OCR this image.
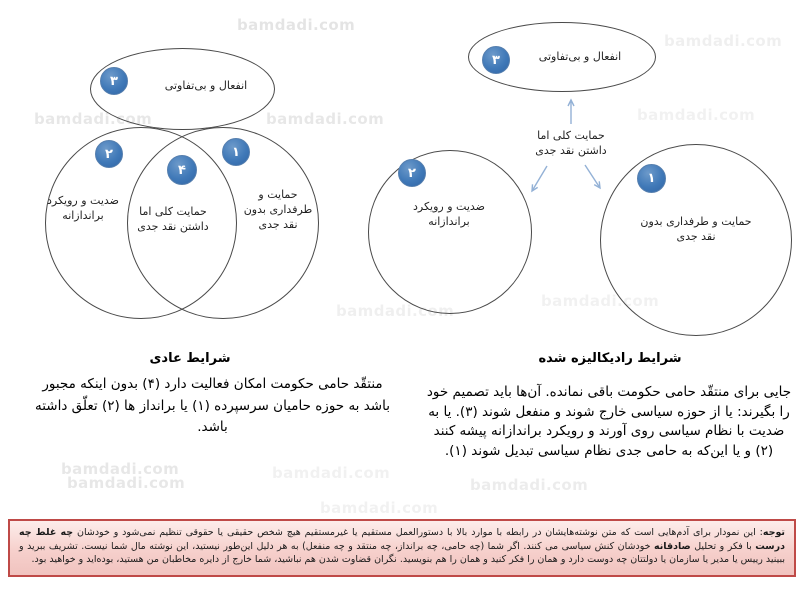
bamdadi.com
bamdadi.com
bamdadi.com	bamdadi.com	bamdadi.com
bamdadi.com
bamdadi.com
bamdadi.com
bamdadi.com
bamdadi.com
bamdadi.com
bamdadi.com
۳	انفعال و بی‌تفاوتی
۲
۴
۱
ضدیت و رویکرد براندازانه	حمایت کلی اما داشتن نقد جدی
حمایت و طرفداری بدون نقد جدی
شرایط عادی
منتقّد حامی حکومت امکان فعالیت دارد (۴) بدون اینکه مجبور باشد به حوزه حامیان سرسپرده (۱) یا برانداز ها (۲) تعلّق داشته باشد.
۳	انفعال و بی‌تفاوتی
حمایت کلی اما داشتن نقد جدی
۲
ضدیت و رویکرد براندازانه
۱
حمایت و طرفداری بدون نقد جدی
شرایط رادیکالیزه شده
جایی برای منتقّد حامی حکومت باقی نمانده. آن‌ها باید تصمیم خود را بگیرند: یا از حوزه سیاسی خارج شوند و منفعل شوند (۳). یا به ضدیت با نظام سیاسی روی آورند و رویکرد براندازانه پیشه کنند (۲) و یا این‌که به حامی جدی نظام سیاسی تبدیل شوند (۱).
توجه: این نمودار برای آدم‌هایی است که متن نوشته‌هایشان در رابطه با موارد بالا با دستورالعمل مستقیم یا غیرمستقیم هیچ شخص حقیقی یا حقوقی تنظیم نمی‌شود و خودشان چه غلط چه درست با فکر و تحلیل صادقانه خودشان کنش سیاسی می کنند. اگر شما (چه حامی، چه برانداز، چه منتقد و چه منفعل) به هر دلیل این‌طور نیستید، این نوشته مال شما نیست. تشریف ببرید و ببینید رییس یا مدیر یا سازمان یا دولتتان چه دوست دارد و همان را فکر کنید و همان را هم بنویسید. نگران قضاوت شدن هم نباشید، شما خارج از دایره مخاطبان من هستید، بوده‌اید و خواهید بود.
